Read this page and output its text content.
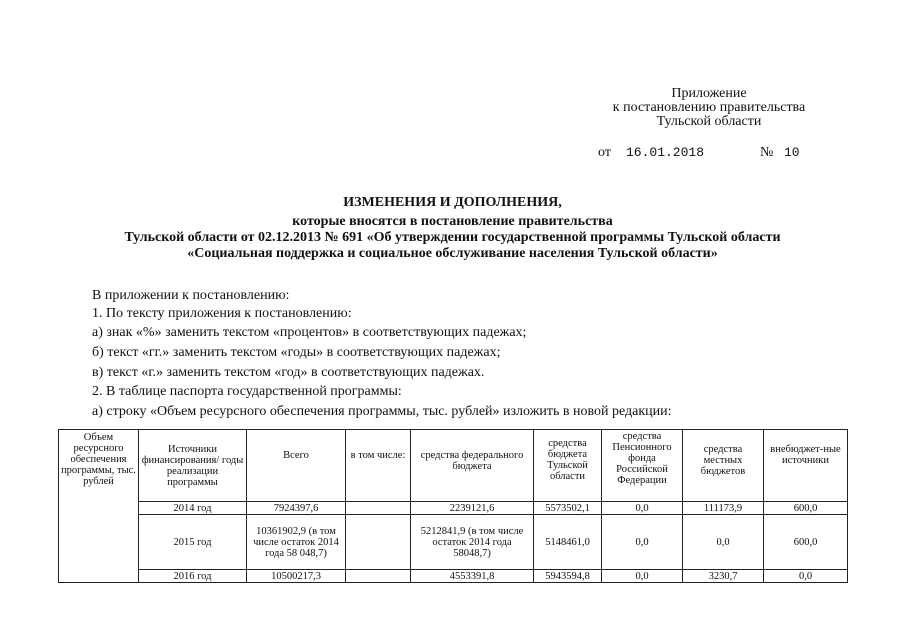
Приложение
к постановлению правительства
Тульской области
от 16.01.2018	№ 10
ИЗМЕНЕНИЯ И ДОПОЛНЕНИЯ,
которые вносятся в постановление правительства
Тульской области от 02.12.2013 № 691 «Об утверждении государственной программы Тульской области
«Социальная поддержка и социальное обслуживание населения Тульской области»
В приложении к постановлению:
1. По тексту приложения к постановлению:
а) знак «%» заменить текстом «процентов» в соответствующих падежах;
б) текст «гг.» заменить текстом «годы» в соответствующих падежах;
в) текст «г.» заменить текстом «год» в соответствующих падежах.
2. В таблице паспорта государственной программы:
а) строку «Объем ресурсного обеспечения программы, тыс. рублей» изложить в новой редакции:
Объем ресурсного обеспечения программы, тыс. рублей	Источники финансирования/ годы реализации программы	Всего	в том числе:	средства федерального бюджета	средства бюджета Тульской области	средства Пенсионного фонда Российской Федерации	средства местных бюджетов	внебюджет-ные источники
	2014 год	7924397,6		2239121,6	5573502,1	0,0	111173,9	600,0
	2015 год	10361902,9 (в том числе остаток 2014 года 58 048,7)		5212841,9 (в том числе остаток 2014 года 58048,7)	5148461,0	0,0	0,0	600,0
	2016 год	10500217,3		4553391,8	5943594,8	0,0	3230,7	0,0
